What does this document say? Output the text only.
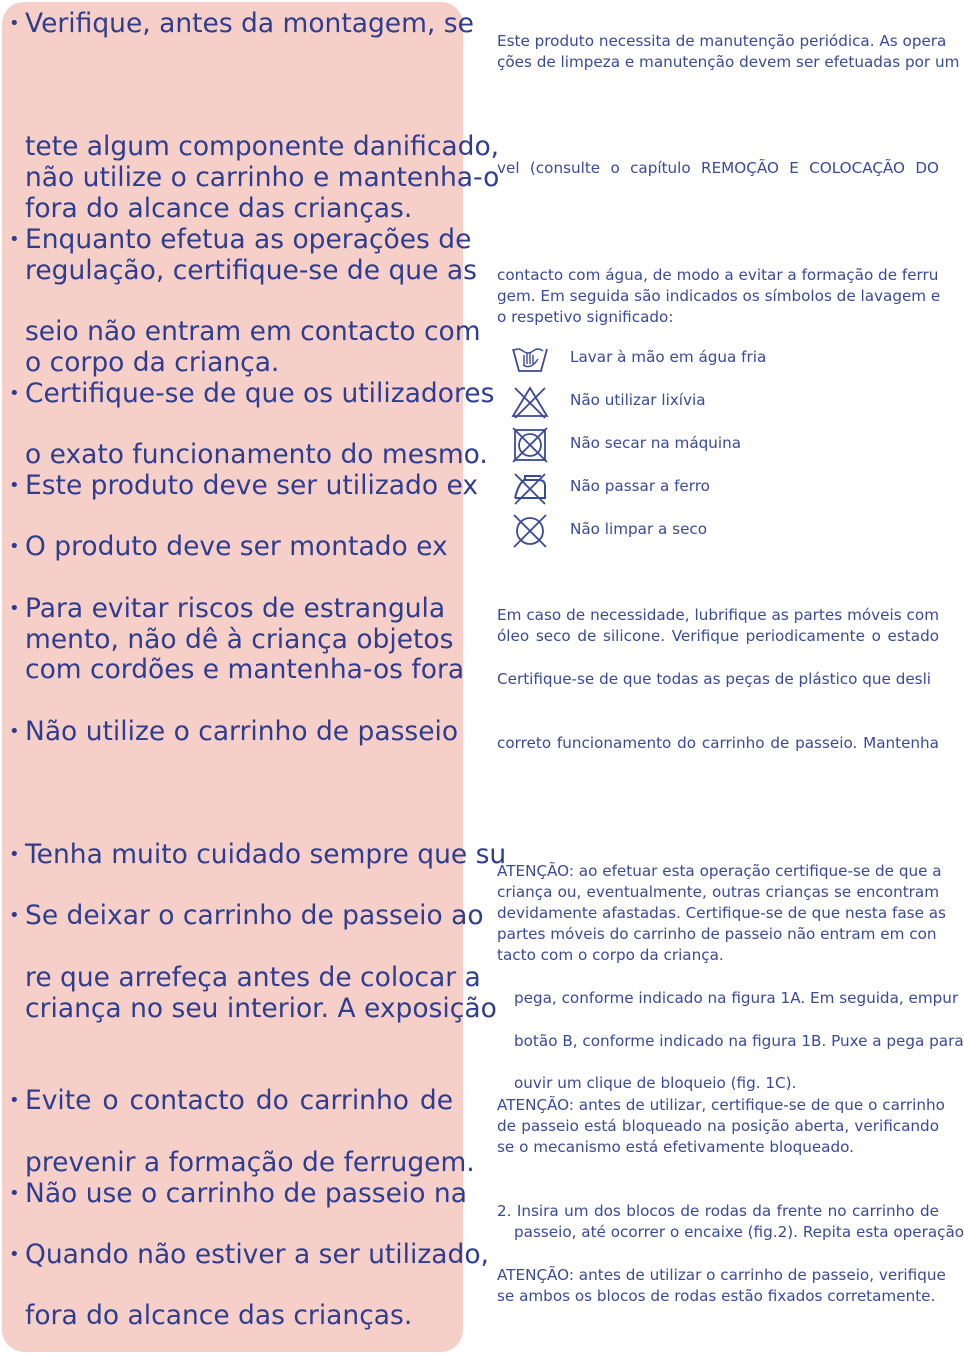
• Verifique, antes da montagem, se
tete algum componente danificado,
não utilize o carrinho e mantenha-o
fora do alcance das crianças.
• Enquanto efetua as operações de
regulação, certifique-se de que as
seio não entram em contacto com
o corpo da criança.
• Certifique-se de que os utilizadores
o exato funcionamento do mesmo.
• Este produto deve ser utilizado ex
• O produto deve ser montado ex
• Para evitar riscos de estrangula
mento, não dê à criança objetos
com cordões e mantenha-os fora
• Não utilize o carrinho de passeio
• Tenha muito cuidado sempre que su
• Se deixar o carrinho de passeio ao
re que arrefeça antes de colocar a
criança no seu interior. A exposição
• Evite o contacto do carrinho de
prevenir a formação de ferrugem.
• Não use o carrinho de passeio na
• Quando não estiver a ser utilizado,
fora do alcance das crianças.
Este produto necessita de manutenção periódica. As opera
ções de limpeza e manutenção devem ser efetuadas por um
vel (consulte o capítulo REMOÇÃO E COLOCAÇÃO DO
contacto com água, de modo a evitar a formação de ferru
gem. Em seguida são indicados os símbolos de lavagem e
o respetivo significado:
Lavar à mão em água fria
Não utilizar lixívia
Não secar na máquina
Não passar a ferro
Não limpar a seco
Em caso de necessidade, lubrifique as partes móveis com
óleo seco de silicone. Verifique periodicamente o estado
Certifique-se de que todas as peças de plástico que desli
correto funcionamento do carrinho de passeio. Mantenha
ATENÇÃO: ao efetuar esta operação certifique-se de que a
criança ou, eventualmente, outras crianças se encontram
devidamente afastadas. Certifique-se de que nesta fase as
partes móveis do carrinho de passeio não entram em con
tacto com o corpo da criança.
pega, conforme indicado na figura 1A. Em seguida, empur
botão B, conforme indicado na figura 1B. Puxe a pega para
ouvir um clique de bloqueio (fig. 1C).
ATENÇÃO: antes de utilizar, certifique-se de que o carrinho
de passeio está bloqueado na posição aberta, verificando
se o mecanismo está efetivamente bloqueado.
2. Insira um dos blocos de rodas da frente no carrinho de
passeio, até ocorrer o encaixe (fig.2). Repita esta operação
ATENÇÃO: antes de utilizar o carrinho de passeio, verifique
se ambos os blocos de rodas estão fixados corretamente.
